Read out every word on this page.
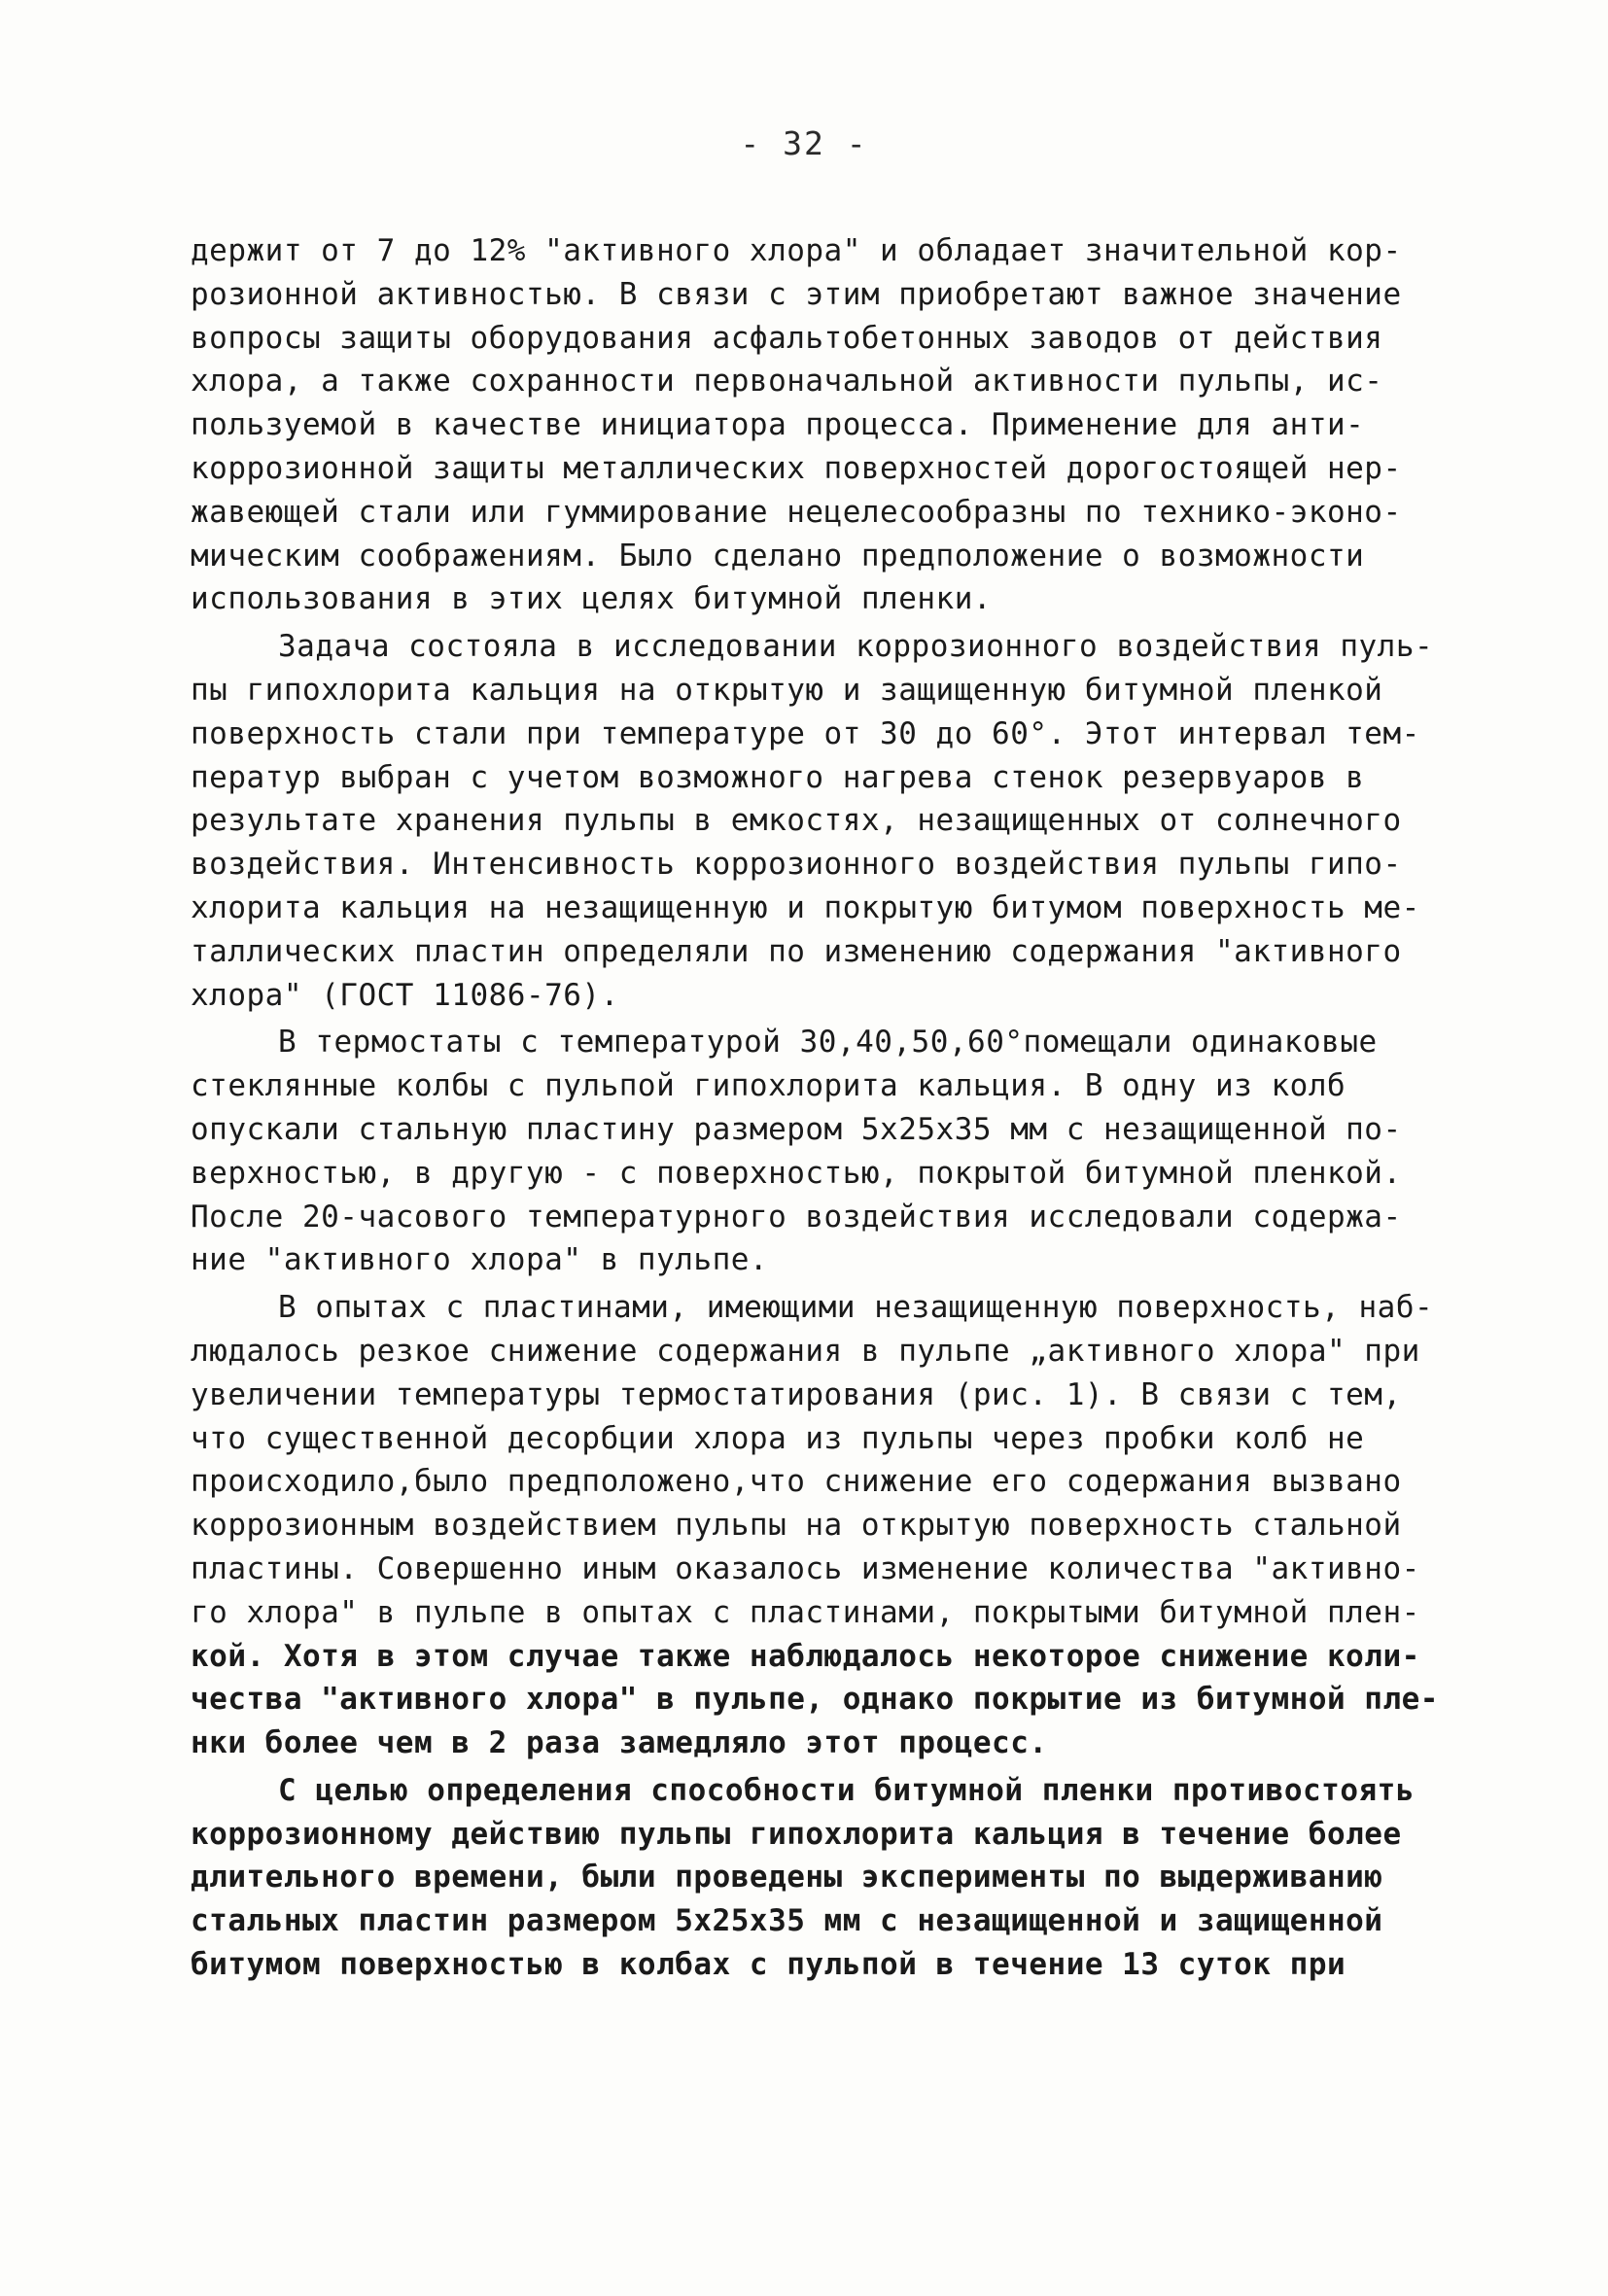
- 32 -
держит от 7 до 12% "активного хлора" и обладает значительной кор-
розионной активностью. В связи с этим приобретают важное значение
вопросы защиты оборудования асфальтобетонных заводов от действия
хлора, а также сохранности первоначальной активности пульпы, ис-
пользуемой в качестве инициатора процесса. Применение для анти-
коррозионной защиты металлических поверхностей дорогостоящей нер-
жавеющей стали или гуммирование нецелесообразны по технико-эконо-
мическим соображениям. Было сделано предположение о возможности
использования в этих целях битумной пленки.
Задача состояла в исследовании коррозионного воздействия пуль-
пы гипохлорита кальция на открытую и защищенную битумной пленкой
поверхность стали при температуре от 30 до 60°. Этот интервал тем-
ператур выбран с учетом возможного нагрева стенок резервуаров в
результате хранения пульпы в емкостях, незащищенных от солнечного
воздействия. Интенсивность коррозионного воздействия пульпы гипо-
хлорита кальция на незащищенную и покрытую битумом поверхность ме-
таллических пластин определяли по изменению содержания "активного
хлора" (ГОСТ 11086-76).
В термостаты с температурой 30,40,50,60°помещали одинаковые
стеклянные колбы с пульпой гипохлорита кальция. В одну из колб
опускали стальную пластину размером 5х25х35 мм с незащищенной по-
верхностью, в другую - с поверхностью, покрытой битумной пленкой.
После 20-часового температурного воздействия исследовали содержа-
ние "активного хлора" в пульпе.
В опытах с пластинами, имеющими незащищенную поверхность, наб-
людалось резкое снижение содержания в пульпе „активного хлора" при
увеличении температуры термостатирования (рис. 1). В связи с тем,
что существенной десорбции хлора из пульпы через пробки колб не
происходило,было предположено,что снижение его содержания вызвано
коррозионным воздействием пульпы на открытую поверхность стальной
пластины. Совершенно иным оказалось изменение количества "активно-
го хлора" в пульпе в опытах с пластинами, покрытыми битумной плен-
кой. Хотя в этом случае также наблюдалось некоторое снижение коли-
чества "активного хлора" в пульпе, однако покрытие из битумной пле-
нки более чем в 2 раза замедляло этот процесс.
С целью определения способности битумной пленки противостоять
коррозионному действию пульпы гипохлорита кальция в течение более
длительного времени, были проведены эксперименты по выдерживанию
стальных пластин размером 5х25х35 мм с незащищенной и защищенной
битумом поверхностью в колбах с пульпой в течение 13 суток при
